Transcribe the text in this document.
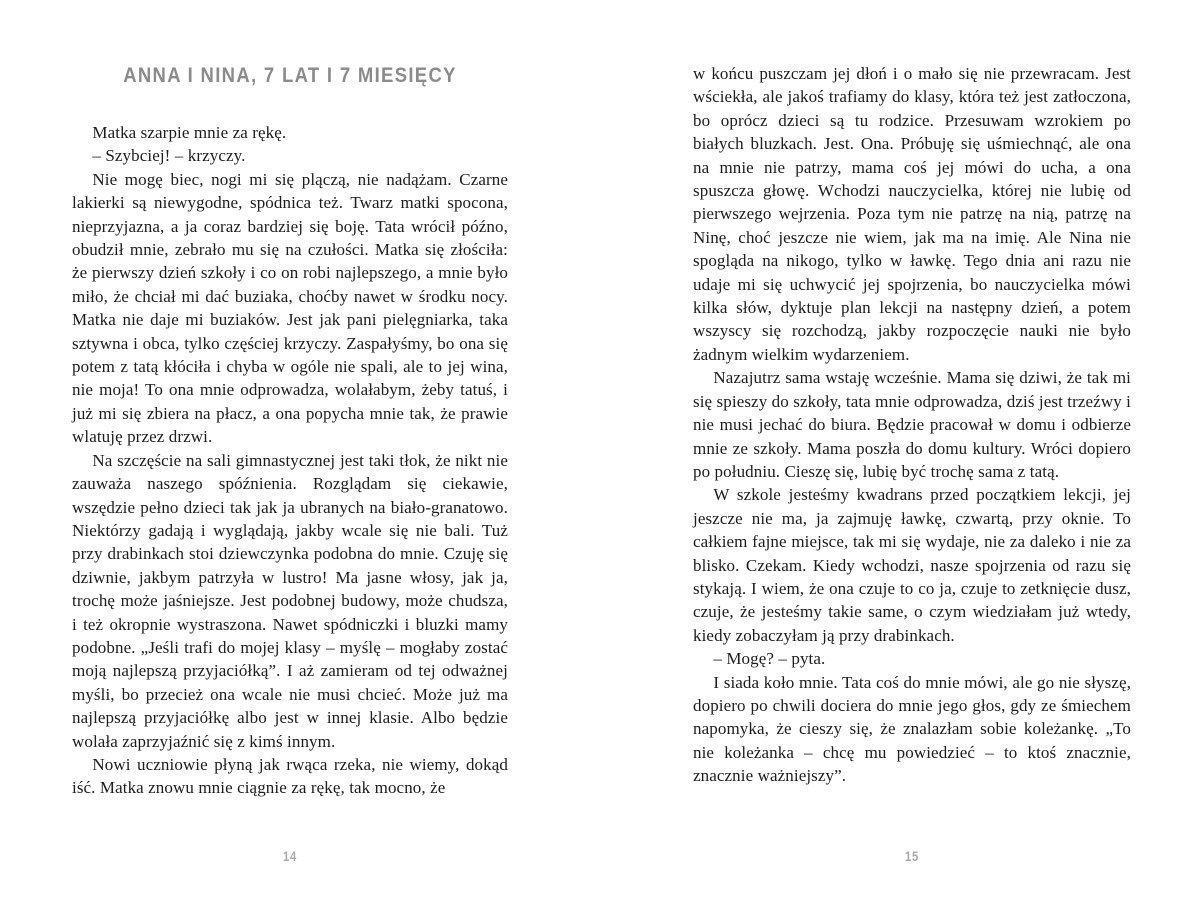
ANNA I NINA, 7 LAT I 7 MIESIĘCY

Matka szarpie mnie za rękę.

– Szybciej! – krzyczy.

Nie mogę biec, nogi mi się plączą, nie nadążam. Czarne lakierki są niewygodne, spódnica też. Twarz matki spocona, nieprzyjazna, a ja coraz bardziej się boję. Tata wrócił późno, obudził mnie, zebrało mu się na czułości. Matka się złościła: że pierwszy dzień szkoły i co on robi najlepszego, a mnie było miło, że chciał mi dać buziaka, choćby nawet w środku nocy. Matka nie daje mi buziaków. Jest jak pani pielęgniarka, taka sztywna i obca, tylko częściej krzyczy. Zaspałyśmy, bo ona się potem z tatą kłóciła i chyba w ogóle nie spali, ale to jej wina, nie moja! To ona mnie odprowadza, wolałabym, żeby tatuś, i już mi się zbiera na płacz, a ona popycha mnie tak, że prawie wlatuję przez drzwi.

Na szczęście na sali gimnastycznej jest taki tłok, że nikt nie zauważa naszego spóźnienia. Rozglądam się ciekawie, wszędzie pełno dzieci tak jak ja ubranych na biało-granatowo. Niektórzy gadają i wyglądają, jakby wcale się nie bali. Tuż przy drabinkach stoi dziewczynka podobna do mnie. Czuję się dziwnie, jakbym patrzyła w lustro! Ma jasne włosy, jak ja, trochę może jaśniejsze. Jest podobnej budowy, może chudsza, i też okropnie wystraszona. Nawet spódniczki i bluzki mamy podobne. „Jeśli trafi do mojej klasy – myślę – mogłaby zostać moją najlepszą przyjaciółką”. I aż zamieram od tej odważnej myśli, bo przecież ona wcale nie musi chcieć. Może już ma najlepszą przyjaciółkę albo jest w innej klasie. Albo będzie wolała zaprzyjaźnić się z kimś innym.

Nowi uczniowie płyną jak rwąca rzeka, nie wiemy, dokąd iść. Matka znowu mnie ciągnie za rękę, tak mocno, że

w końcu puszczam jej dłoń i o mało się nie przewracam. Jest wściekła, ale jakoś trafiamy do klasy, która też jest zatłoczona, bo oprócz dzieci są tu rodzice. Przesuwam wzrokiem po białych bluzkach. Jest. Ona. Próbuję się uśmiechnąć, ale ona na mnie nie patrzy, mama coś jej mówi do ucha, a ona spuszcza głowę. Wchodzi nauczycielka, której nie lubię od pierwszego wejrzenia. Poza tym nie patrzę na nią, patrzę na Ninę, choć jeszcze nie wiem, jak ma na imię. Ale Nina nie spogląda na nikogo, tylko w ławkę. Tego dnia ani razu nie udaje mi się uchwycić jej spojrzenia, bo nauczycielka mówi kilka słów, dyktuje plan lekcji na następny dzień, a potem wszyscy się rozchodzą, jakby rozpoczęcie nauki nie było żadnym wielkim wydarzeniem.

Nazajutrz sama wstaję wcześnie. Mama się dziwi, że tak mi się spieszy do szkoły, tata mnie odprowadza, dziś jest trzeźwy i nie musi jechać do biura. Będzie pracował w domu i odbierze mnie ze szkoły. Mama poszła do domu kultury. Wróci dopiero po południu. Cieszę się, lubię być trochę sama z tatą.

W szkole jesteśmy kwadrans przed początkiem lekcji, jej jeszcze nie ma, ja zajmuję ławkę, czwartą, przy oknie. To całkiem fajne miejsce, tak mi się wydaje, nie za daleko i nie za blisko. Czekam. Kiedy wchodzi, nasze spojrzenia od razu się stykają. I wiem, że ona czuje to co ja, czuje to zetknięcie dusz, czuje, że jesteśmy takie same, o czym wiedziałam już wtedy, kiedy zobaczyłam ją przy drabinkach.

– Mogę? – pyta.

I siada koło mnie. Tata coś do mnie mówi, ale go nie słyszę, dopiero po chwili dociera do mnie jego głos, gdy ze śmiechem napomyka, że cieszy się, że znalazłam sobie koleżankę. „To nie koleżanka – chcę mu powiedzieć – to ktoś znacznie, znacznie ważniejszy”.

14	15
